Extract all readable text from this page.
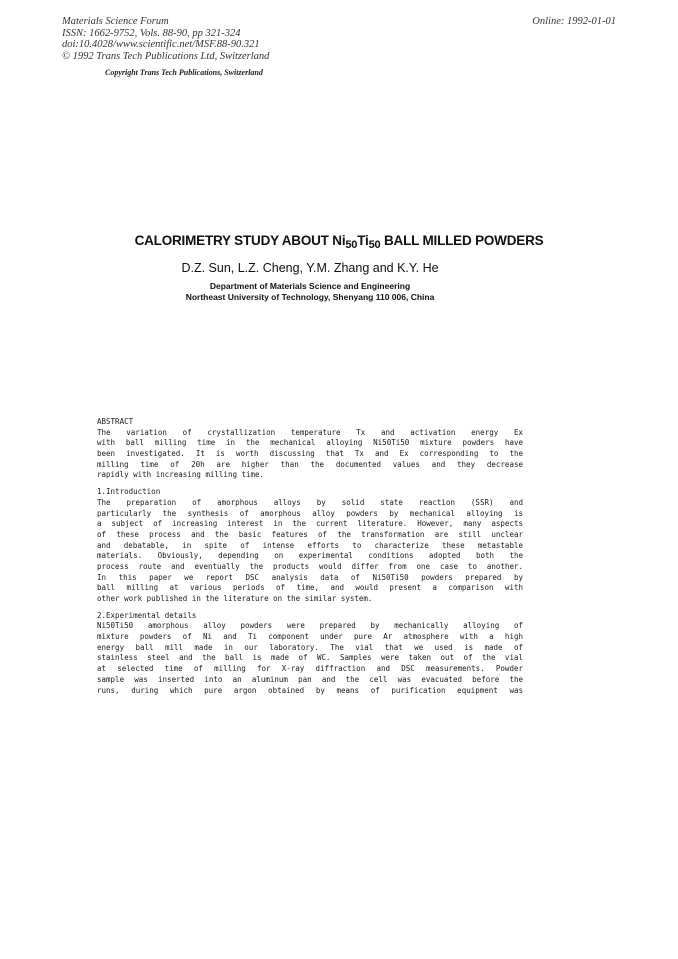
Materials Science Forum
ISSN: 1662-9752, Vols. 88-90, pp 321-324
doi:10.4028/www.scientific.net/MSF.88-90.321
© 1992 Trans Tech Publications Ltd, Switzerland
Online: 1992-01-01
Copyright Trans Tech Publications, Switzerland
CALORIMETRY STUDY ABOUT $Ni_{50}Ti_{50}$ BALL MILLED POWDERS
D.Z. Sun, L.Z. Cheng, Y.M. Zhang and K.Y. He
Department of Materials Science and Engineering
Northeast University of Technology, Shenyang 110 006, China
ABSTRACT
The variation of crystallization temperature Tx and activation energy Ex
with ball milling time in the mechanical alloying Ni50Ti50 mixture powders have
been investigated. It is worth discussing that Tx and Ex corresponding to the
milling time of 20h are higher than the documented values and they decrease
rapidly with increasing milling time.
1.Introduction
The preparation of amorphous alloys by solid state reaction (SSR) and
particularly the synthesis of amorphous alloy powders by mechanical alloying is
a subject of increasing interest in the current literature. However, many aspects
of these process and the basic features of the transformation are still unclear
and debatable, in spite of intense efforts to characterize these metastable
materials. Obviously, depending on experimental conditions adopted both the
process route and eventually the products would differ from one case to another.
In this paper we report DSC analysis data of Ni50Ti50 powders prepared by
ball milling at various periods of time, and would present a comparison with
other work published in the literature on the similar system.
2.Experimental details
Ni50Ti50 amorphous alloy powders were prepared by mechanically alloying of
mixture powders of Ni and Ti component under pure Ar atmosphere with a high
energy ball mill made in our laboratory. The vial that we used is made of
stainless steel and the ball is made of WC. Samples were taken out of the vial
at selected time of milling for X-ray diffraction and DSC measurements. Powder
sample was inserted into an aluminum pan and the cell was evacuated before the
runs, during which pure argon obtained by means of purification equipment was
